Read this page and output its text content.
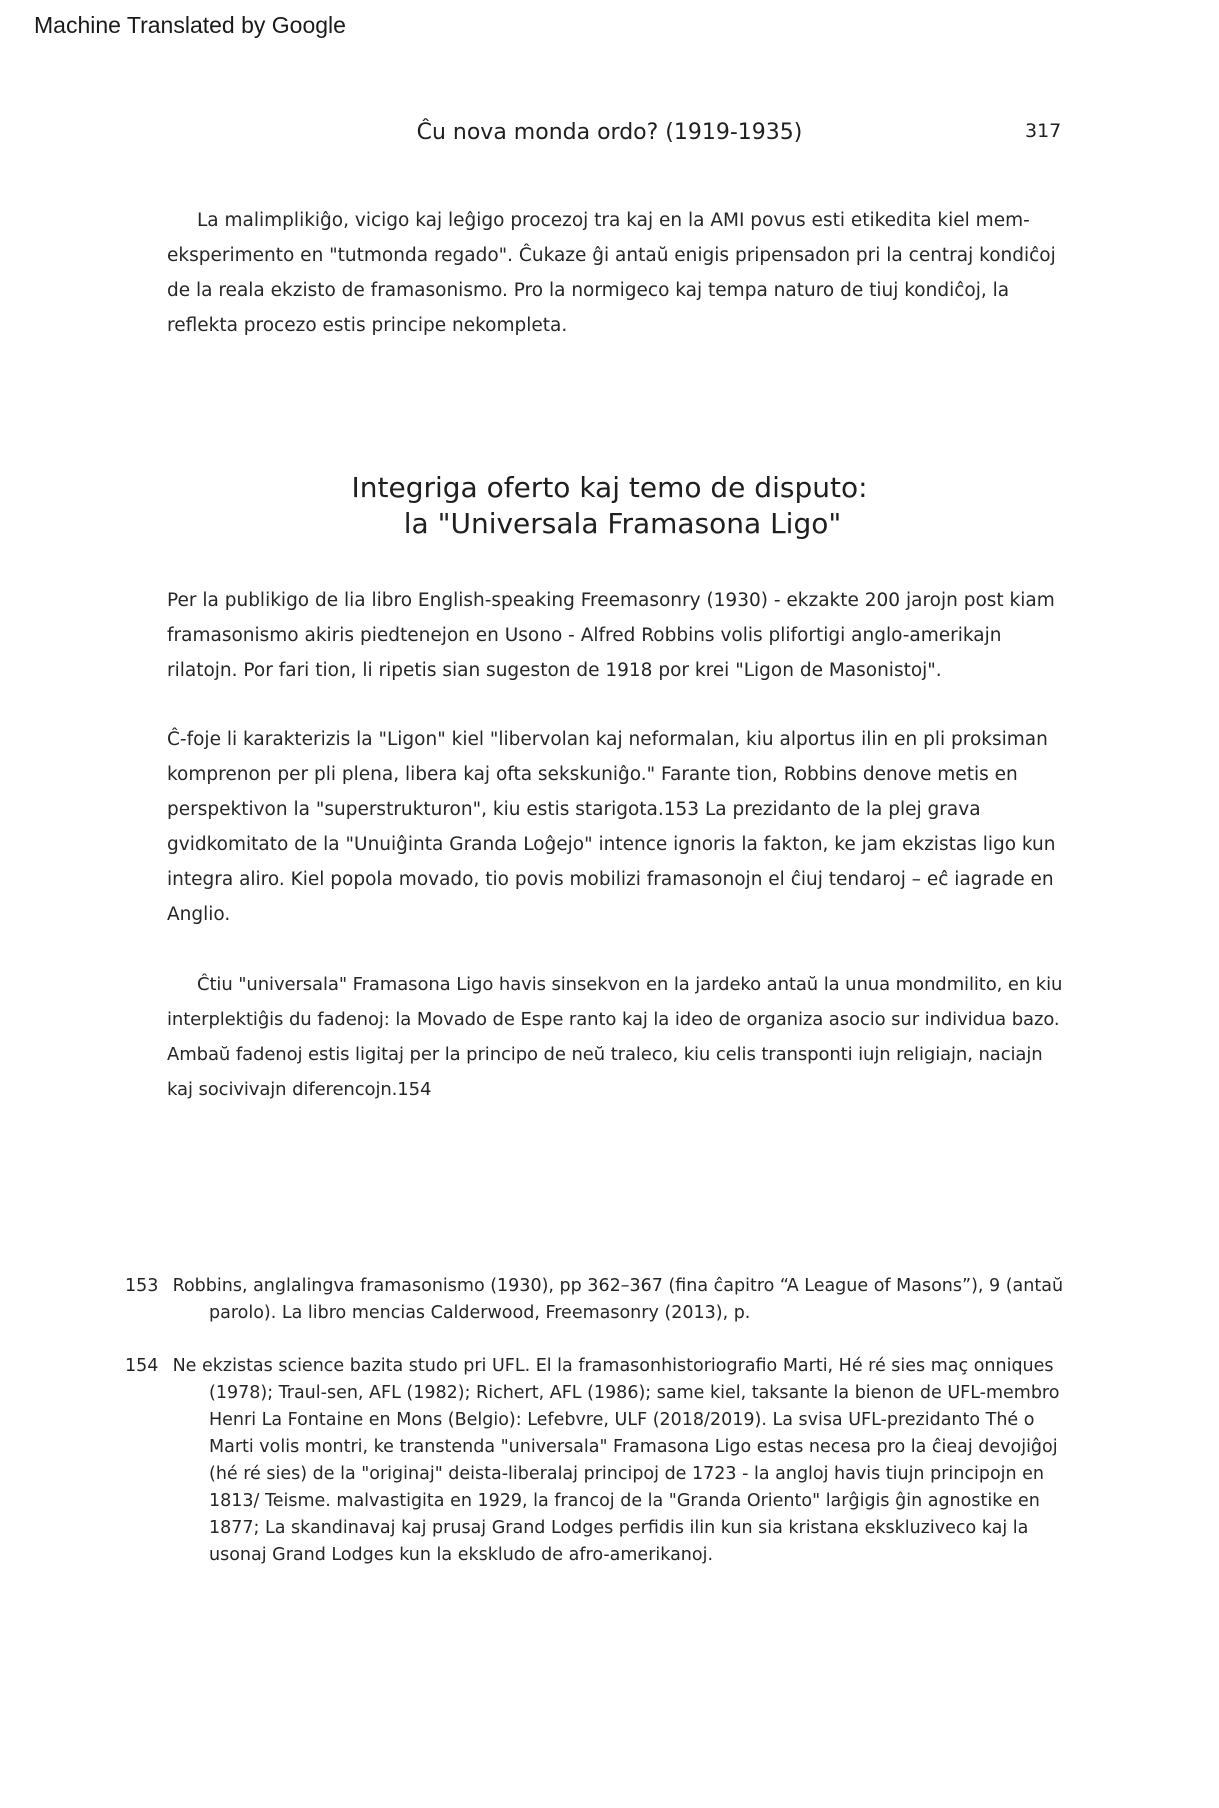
Machine Translated by Google
Ĉu nova monda ordo? (1919-1935)	317

La malimplikiĝo, vicigo kaj leĝigo procezoj tra kaj en la AMI povus esti etikedita kiel mem-eksperimento en "tutmonda regado". Ĉukaze ĝi antaŭ enigis pripensadon pri la centraj kondiĉoj de la reala ekzisto de framasonismo. Pro la normigeco kaj tempa naturo de tiuj kondiĉoj, la reflekta procezo estis principe nekompleta.

Integriga oferto kaj temo de disputo:
la "Universala Framasona Ligo"

Per la publikigo de lia libro English-speaking Freemasonry (1930) - ekzakte 200 jarojn post kiam framasonismo akiris piedtenejon en Usono - Alfred Robbins volis plifortigi anglo-amerikajn rilatojn. Por fari tion, li ripetis sian sugeston de 1918 por krei "Ligon de Masonistoj".

Ĉ-foje li karakterizis la "Ligon" kiel "libervolan kaj neformalan, kiu alportus ilin en pli proksiman komprenon per pli plena, libera kaj ofta sekskuniĝo." Farante tion, Robbins denove metis en perspektivon la "superstrukturon", kiu estis starigota.153 La prezidanto de la plej grava gvidkomitato de la "Unuiĝinta Granda Loĝejo" intence ignoris la fakton, ke jam ekzistas ligo kun integra aliro. Kiel popola movado, tio povis mobilizi framasonojn el ĉiuj tendaroj – eĉ iagrade en Anglio.

Ĉtiu "universala" Framasona Ligo havis sinsekvon en la jardeko antaŭ la unua mondmilito, en kiu interplektiĝis du fadenoj: la Movado de Espe ranto kaj la ideo de organiza asocio sur individua bazo. Ambaŭ fadenoj estis ligitaj per la principo de neŭ traleco, kiu celis transponti iujn religiajn, naciajn kaj socivivajn diferencojn.154

153 Robbins, anglalingva framasonismo (1930), pp 362–367 (fina ĉapitro “A League of Masons”), 9 (antaŭ parolo). La libro mencias Calderwood, Freemasonry (2013), p.
154 Ne ekzistas science bazita studo pri UFL. El la framasonhistoriografio Marti, Hé ré sies maç onniques (1978); Traul-sen, AFL (1982); Richert, AFL (1986); same kiel, taksante la bienon de UFL-membro Henri La Fontaine en Mons (Belgio): Lefebvre, ULF (2018/2019). La svisa UFL-prezidanto Thé o Marti volis montri, ke transtenda "universala" Framasona Ligo estas necesa pro la ĉieaj devojiĝoj (hé ré sies) de la "originaj" deista-liberalaj principoj de 1723 - la angloj havis tiujn principojn en 1813/ Teisme. malvastigita en 1929, la francoj de la "Granda Oriento" larĝigis ĝin agnostike en 1877; La skandinavaj kaj prusaj Grand Lodges perfidis ilin kun sia kristana ekskluziveco kaj la usonaj Grand Lodges kun la ekskludo de afro-amerikanoj.
